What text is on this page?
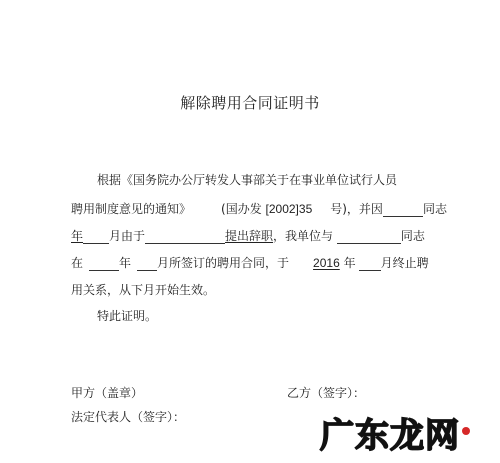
解除聘用合同证明书
根据《国务院办公厅转发人事部关于在事业单位试行人员
聘用制度意见的通知》	(国办发 [2002]35 号)，并因	同志
年 月由于	提出辞职，我单位与	同志
在	年 月所签订的聘用合同，于 2016 年 月终止聘
用关系，从下月开始生效。
特此证明。
甲方（盖章）	乙方（签字）：
法定代表人（签字）：	广东龙网
